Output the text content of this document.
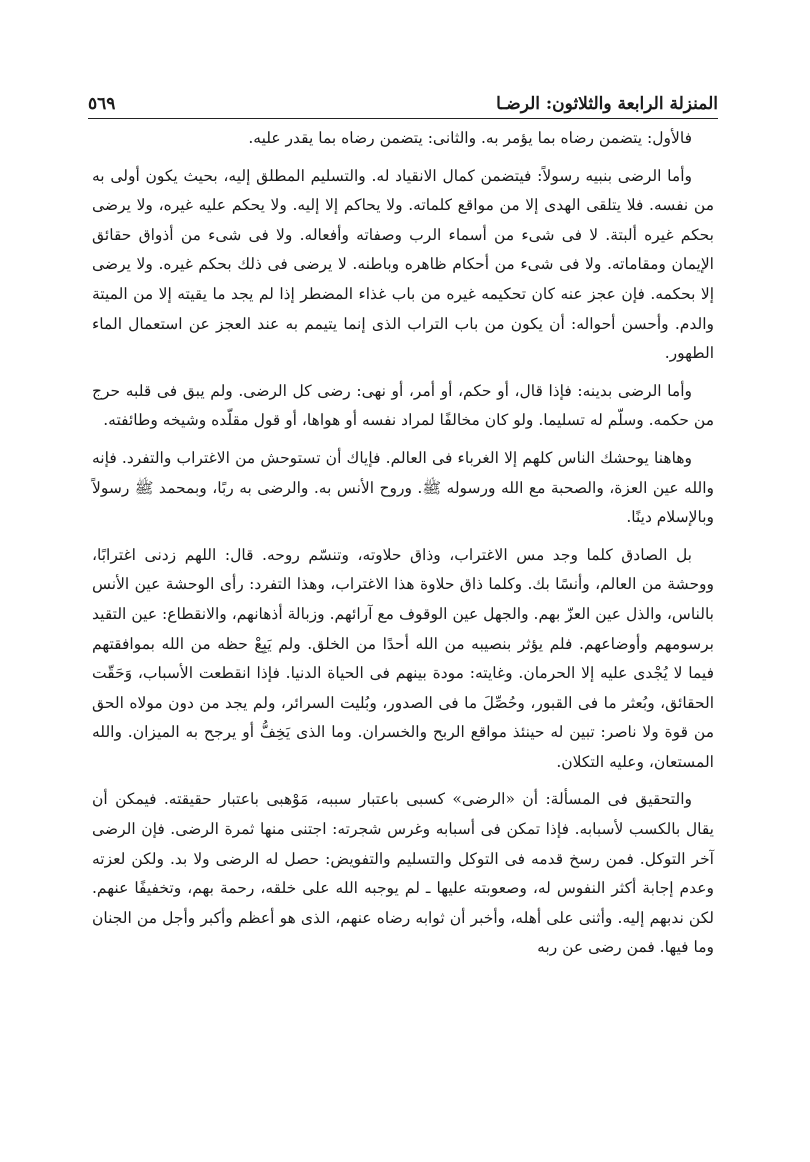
المنزلة الرابعة والثلاثون: الرضـا
٥٦٩

فالأول: يتضمن رضاه بما يؤمر به. والثانى: يتضمن رضاه بما يقدر عليه.

وأما الرضى بنبيه رسولاً: فيتضمن كمال الانقياد له. والتسليم المطلق إليه، بحيث يكون أولى به من نفسه. فلا يتلقى الهدى إلا من مواقع كلماته. ولا يحاكم إلا إليه. ولا يحكم عليه غيره، ولا يرضى بحكم غيره ألبتة. لا فى شىء من أسماء الرب وصفاته وأفعاله. ولا فى شىء من أذواق حقائق الإيمان ومقاماته. ولا فى شىء من أحكام ظاهره وباطنه. لا يرضى فى ذلك بحكم غيره. ولا يرضى إلا بحكمه. فإن عجز عنه كان تحكيمه غيره من باب غذاء المضطر إذا لم يجد ما يقيته إلا من الميتة والدم. وأحسن أحواله: أن يكون من باب التراب الذى إنما يتيمم به عند العجز عن استعمال الماء الطهور.

وأما الرضى بدينه: فإذا قال، أو حكم، أو أمر، أو نهى: رضى كل الرضى. ولم يبق فى قلبه حرج من حكمه. وسلّم له تسليما. ولو كان مخالفًا لمراد نفسه أو هواها، أو قول مقلّده وشيخه وطائفته.

وهاهنا يوحشك الناس كلهم إلا الغرباء فى العالم. فإياك أن تستوحش من الاغتراب والتفرد. فإنه والله عين العزة، والصحبة مع الله ورسوله ﷺ. وروح الأنس به. والرضى به ربًا، وبمحمد ﷺ رسولاً وبالإسلام دينًا.

بل الصادق كلما وجد مس الاغتراب، وذاق حلاوته، وتنسّم روحه. قال: اللهم زدنى اغترابًا، ووحشة من العالم، وأنسًا بك. وكلما ذاق حلاوة هذا الاغتراب، وهذا التفرد: رأى الوحشة عين الأنس بالناس، والذل عين العزّ بهم. والجهل عين الوقوف مع آرائهم. وزبالة أذهانهم، والانقطاع: عين التقيد برسومهم وأوضاعهم. فلم يؤثر بنصيبه من الله أحدًا من الخلق. ولم يَبِعْ حظه من الله بموافقتهم فيما لا يُجْدى عليه إلا الحرمان. وغايته: مودة بينهم فى الحياة الدنيا. فإذا انقطعت الأسباب، وَحَقّت الحقائق، وبُعثر ما فى القبور، وحُصِّلَ ما فى الصدور، وبُليت السرائر، ولم يجد من دون مولاه الحق من قوة ولا ناصر: تبين له حينئذ مواقع الربح والخسران. وما الذى يَخِفُّ أو يرجح به الميزان. والله المستعان، وعليه التكلان.

والتحقيق فى المسألة: أن «الرضى» كسبى باعتبار سببه، مَوْهبى باعتبار حقيقته. فيمكن أن يقال بالكسب لأسبابه. فإذا تمكن فى أسبابه وغرس شجرته: اجتنى منها ثمرة الرضى. فإن الرضى آخر التوكل. فمن رسخ قدمه فى التوكل والتسليم والتفويض: حصل له الرضى ولا بد. ولكن لعزته وعدم إجابة أكثر النفوس له، وصعوبته عليها ـ لم يوجبه الله على خلقه، رحمة بهم، وتخفيفًا عنهم. لكن ندبهم إليه. وأثنى على أهله، وأخبر أن ثوابه رضاه عنهم، الذى هو أعظم وأكبر وأجل من الجنان وما فيها. فمن رضى عن ربه
